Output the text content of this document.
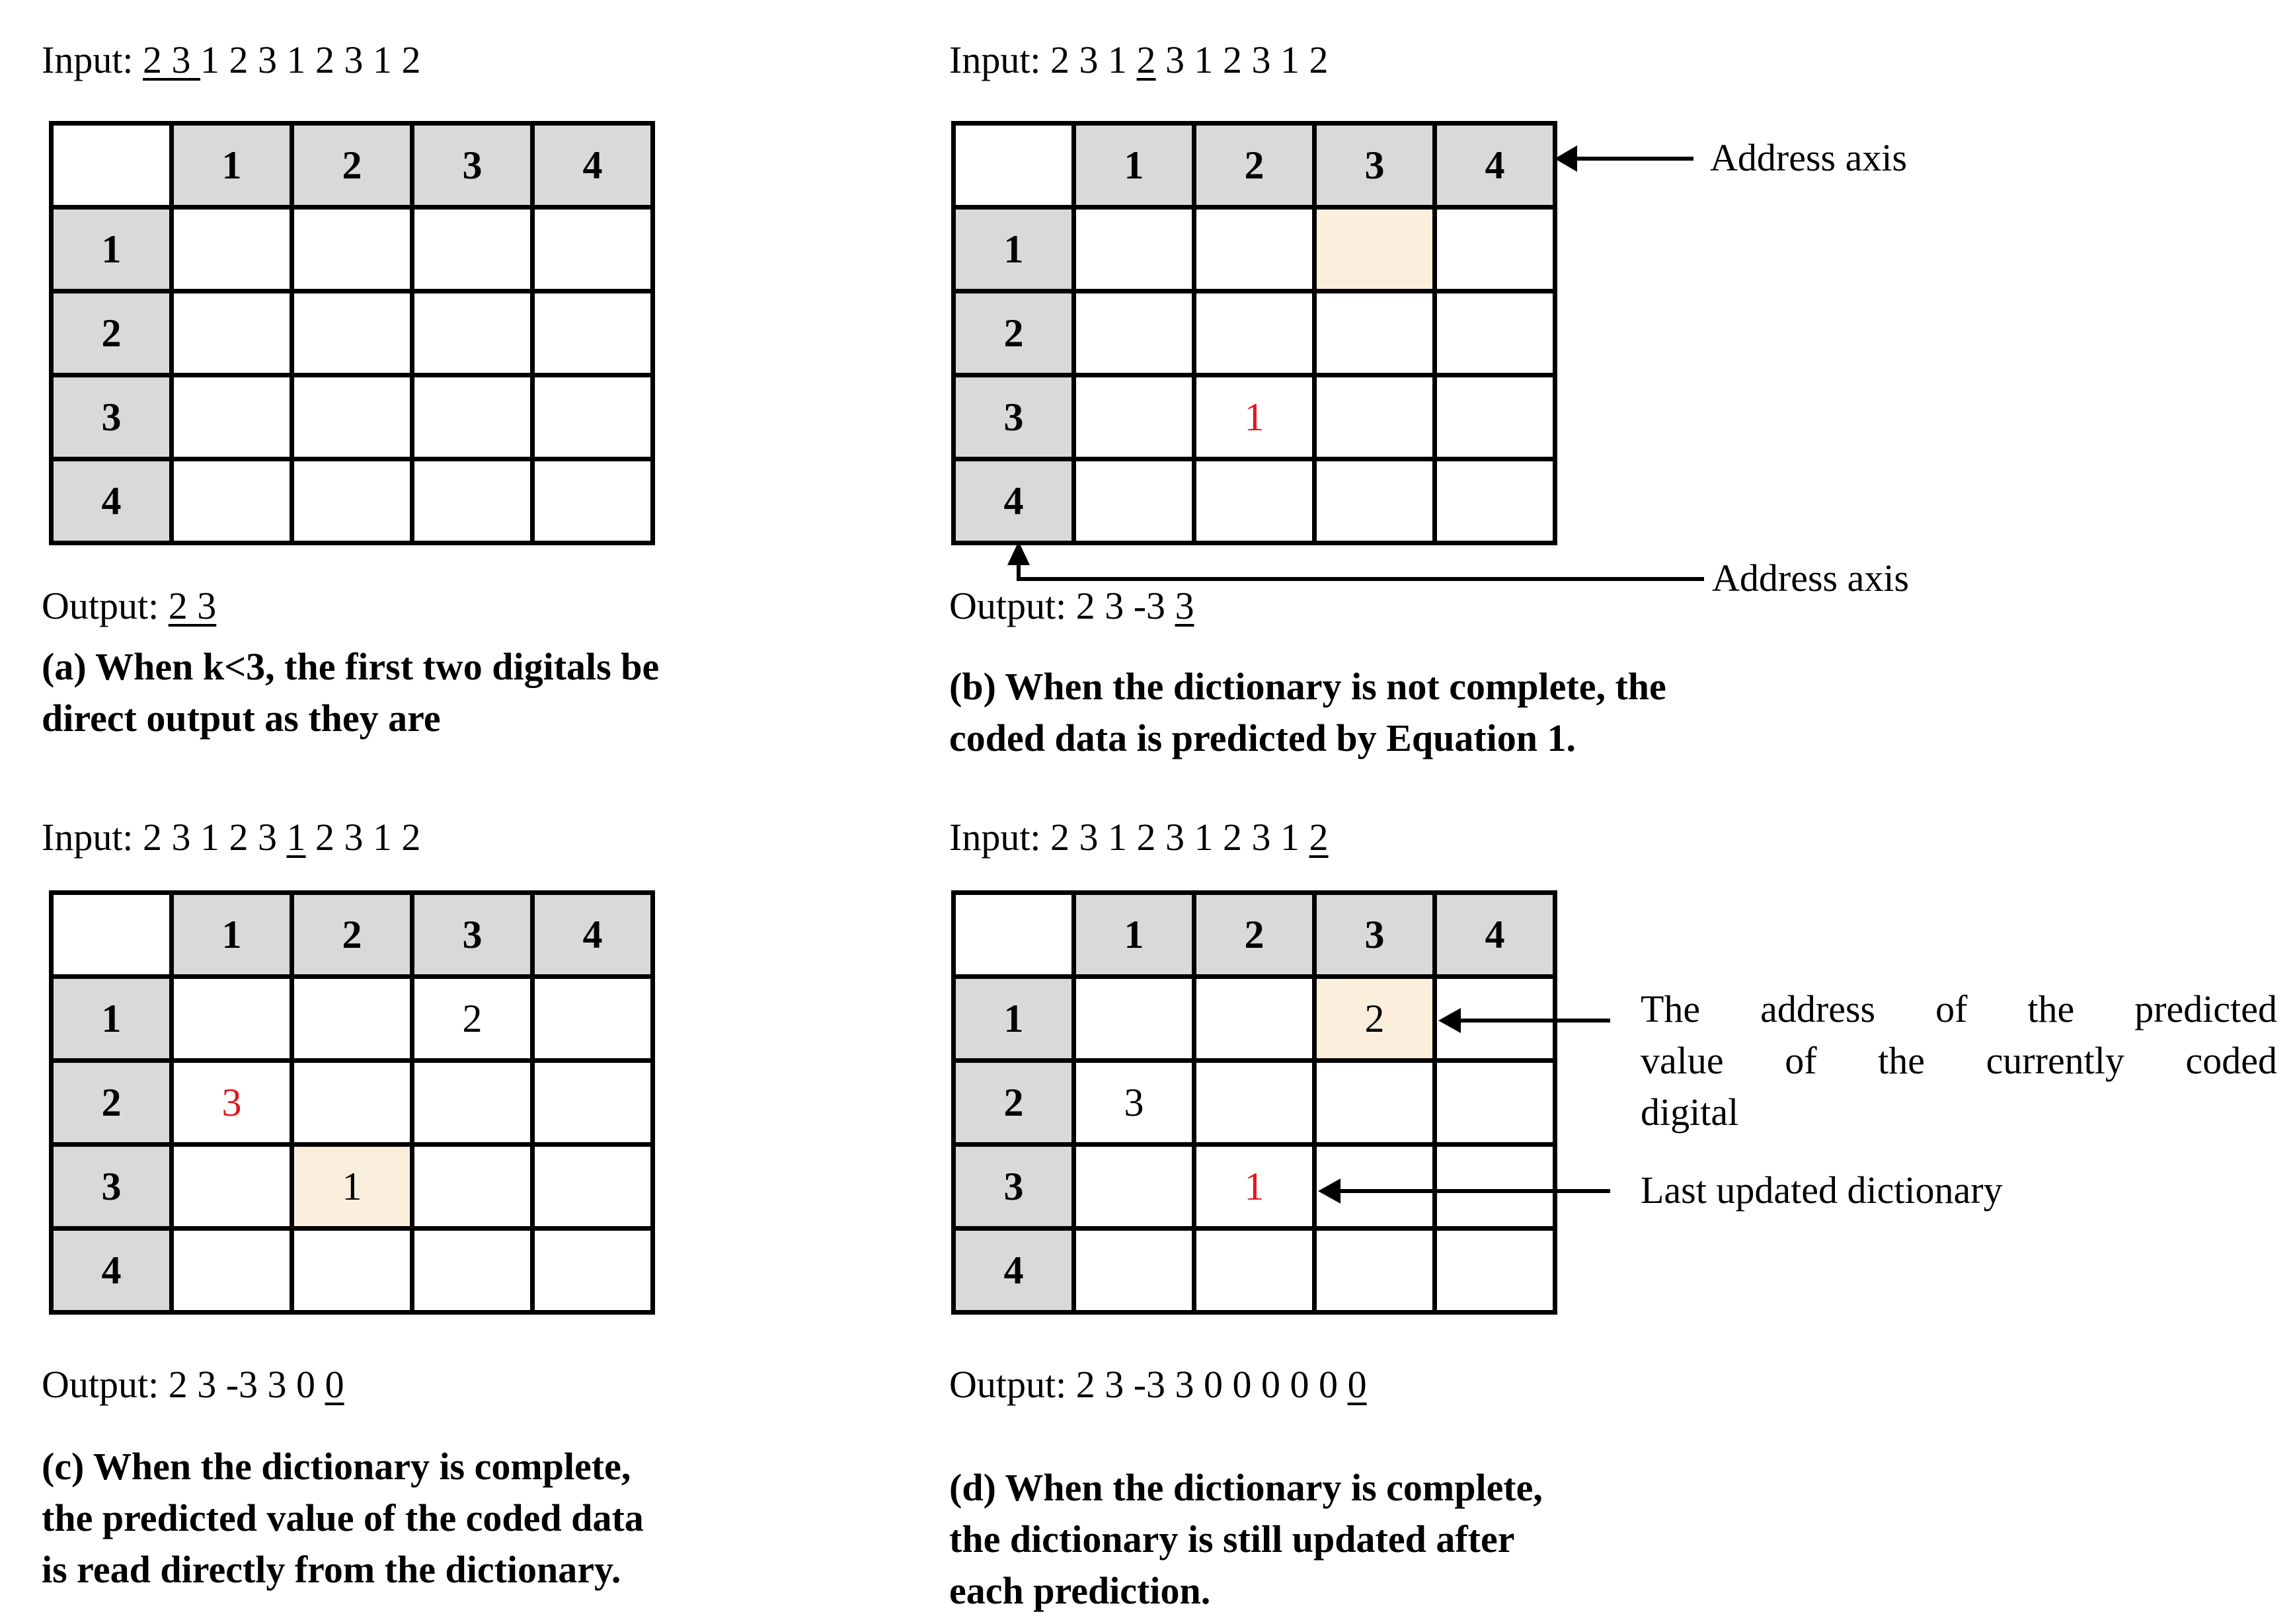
Input: 2 3 1 2 3 1 2 3 1 2
	1	2	3	4
1				
2				
3				
4				
Output: 2 3
(a) When k<3, the first two digitals be
direct output as they are
Input: 2 3 1 2 3 1 2 3 1 2
	1	2	3	4
1				
2				
3		1		
4				
Address axis
Address axis
Output: 2 3 -3 3
(b) When the dictionary is not complete, the
coded data is predicted by Equation 1.
Input: 2 3 1 2 3 1 2 3 1 2
	1	2	3	4
1			2	
2	3			
3		1		
4				
Output: 2 3 -3 3 0 0
(c) When the dictionary is complete,
the predicted value of the coded data
is read directly from the dictionary.
Input: 2 3 1 2 3 1 2 3 1 2
	1	2	3	4
1			2	
2	3			
3		1		
4				
The address of the predicted
value of the currently coded
digital
Last updated dictionary
Output: 2 3 -3 3 0 0 0 0 0 0
(d) When the dictionary is complete,
the dictionary is still updated after
each prediction.
